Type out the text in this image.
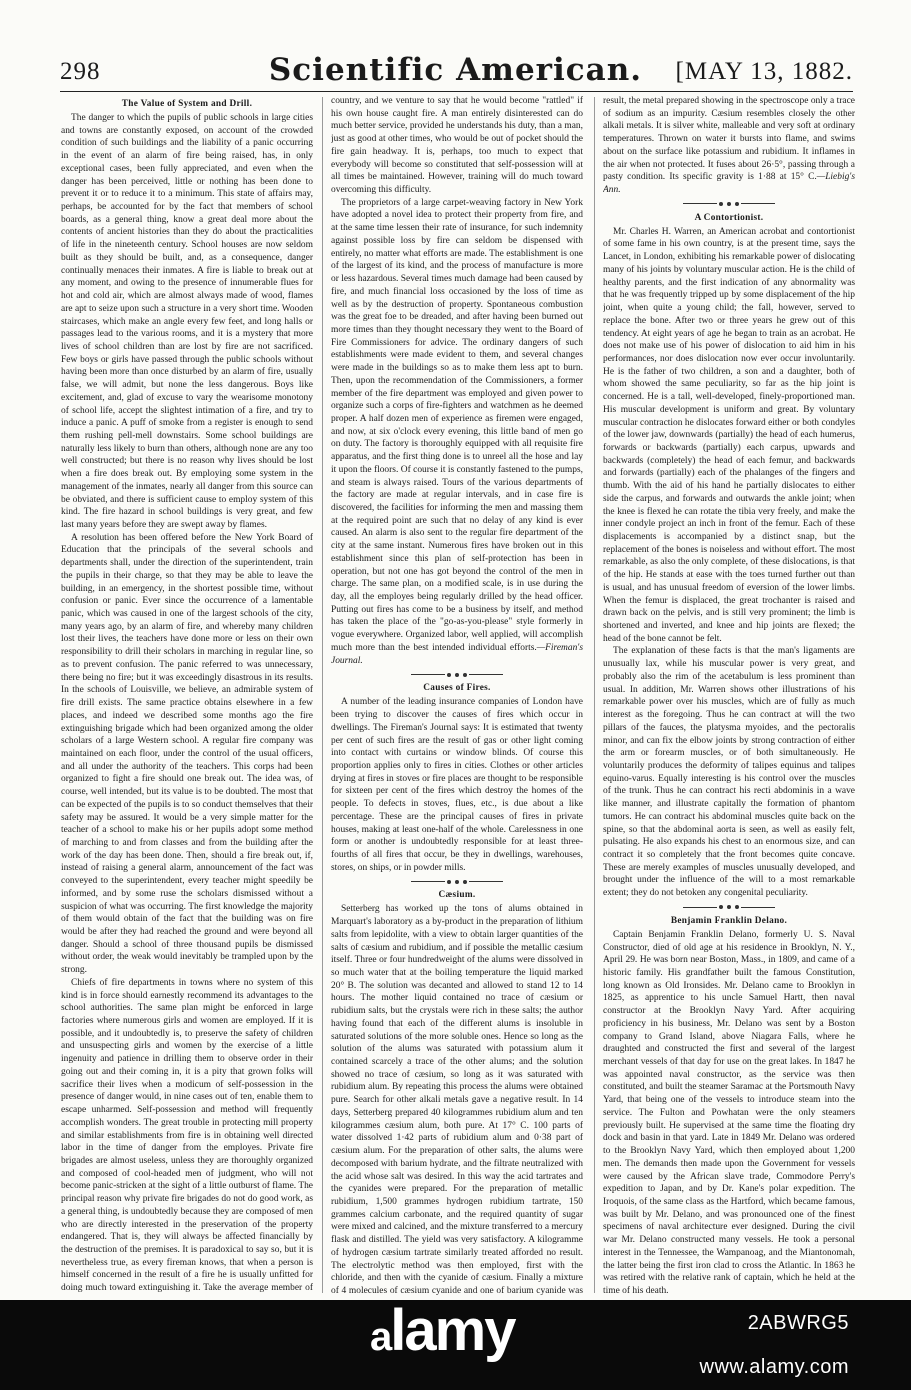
298	Scientific American.	[MAY 13, 1882.
The Value of System and Drill.

The danger to which the pupils of public schools in large cities and towns are constantly exposed, on account of the crowded condition of such buildings and the liability of a panic occurring in the event of an alarm of fire being raised, has, in only exceptional cases, been fully appreciated, and even when the danger has been perceived, little or nothing has been done to prevent it or to reduce it to a minimum. This state of affairs may, perhaps, be accounted for by the fact that members of school boards, as a general thing, know a great deal more about the contents of ancient histories than they do about the practicalities of life in the nineteenth century. School houses are now seldom built as they should be built, and, as a consequence, danger continually menaces their inmates. A fire is liable to break out at any moment, and owing to the presence of innumerable flues for hot and cold air, which are almost always made of wood, flames are apt to seize upon such a structure in a very short time. Wooden staircases, which make an angle every few feet, and long halls or passages lead to the various rooms, and it is a mystery that more lives of school children than are lost by fire are not sacrificed. Few boys or girls have passed through the public schools without having been more than once disturbed by an alarm of fire, usually false, we will admit, but none the less dangerous. Boys like excitement, and, glad of excuse to vary the wearisome monotony of school life, accept the slightest intimation of a fire, and try to induce a panic. A puff of smoke from a register is enough to send them rushing pell-mell downstairs. Some school buildings are naturally less likely to burn than others, although none are any too well constructed; but there is no reason why lives should be lost when a fire does break out. By employing some system in the management of the inmates, nearly all danger from this source can be obviated, and there is sufficient cause to employ system of this kind. The fire hazard in school buildings is very great, and few last many years before they are swept away by flames.

A resolution has been offered before the New York Board of Education that the principals of the several schools and departments shall, under the direction of the superintendent, train the pupils in their charge, so that they may be able to leave the building, in an emergency, in the shortest possible time, without confusion or panic. Ever since the occurrence of a lamentable panic, which was caused in one of the largest schools of the city, many years ago, by an alarm of fire, and whereby many children lost their lives, the teachers have done more or less on their own responsibility to drill their scholars in marching in regular line, so as to prevent confusion. The panic referred to was unnecessary, there being no fire; but it was exceedingly disastrous in its results. In the schools of Louisville, we believe, an admirable system of fire drill exists. The same practice obtains elsewhere in a few places, and indeed we described some months ago the fire extinguishing brigade which had been organized among the older scholars of a large Western school. A regular fire company was maintained on each floor, under the control of the usual officers, and all under the authority of the teachers. This corps had been organized to fight a fire should one break out. The idea was, of course, well intended, but its value is to be doubted. The most that can be expected of the pupils is to so conduct themselves that their safety may be assured. It would be a very simple matter for the teacher of a school to make his or her pupils adopt some method of marching to and from classes and from the building after the work of the day has been done. Then, should a fire break out, if, instead of raising a general alarm, announcement of the fact was conveyed to the superintendent, every teacher might speedily be informed, and by some ruse the scholars dismissed without a suspicion of what was occurring. The first knowledge the majority of them would obtain of the fact that the building was on fire would be after they had reached the ground and were beyond all danger. Should a school of three thousand pupils be dismissed without order, the weak would inevitably be trampled upon by the strong.

Chiefs of fire departments in towns where no system of this kind is in force should earnestly recommend its advantages to the school authorities. The same plan might be enforced in large factories where numerous girls and women are employed. If it is possible, and it undoubtedly is, to preserve the safety of children and unsuspecting girls and women by the exercise of a little ingenuity and patience in drilling them to observe order in their going out and their coming in, it is a pity that grown folks will sacrifice their lives when a modicum of self-possession in the presence of danger would, in nine cases out of ten, enable them to escape unharmed. Self-possession and method will frequently accomplish wonders. The great trouble in protecting mill property and similar establishments from fire is in obtaining well directed labor in the time of danger from the employes. Private fire brigades are almost useless, unless they are thoroughly organized and composed of cool-headed men of judgment, who will not become panic-stricken at the sight of a little outburst of flame. The principal reason why private fire brigades do not do good work, as a general thing, is undoubtedly because they are composed of men who are directly interested in the preservation of the property endangered. That is, they will always be affected financially by the destruction of the premises. It is paradoxical to say so, but it is nevertheless true, as every fireman knows, that when a person is himself concerned in the result of a fire he is usually unfitted for doing much toward extinguishing it. Take the average member of

country, and we venture to say that he would become "rattled" if his own house caught fire. A man entirely disinterested can do much better service, provided he understands his duty, than a man, just as good at other times, who would be out of pocket should the fire gain headway. It is, perhaps, too much to expect that everybody will become so constituted that self-possession will at all times be maintained. However, training will do much toward overcoming this difficulty.

The proprietors of a large carpet-weaving factory in New York have adopted a novel idea to protect their property from fire, and at the same time lessen their rate of insurance, for such indemnity against possible loss by fire can seldom be dispensed with entirely, no matter what efforts are made. The establishment is one of the largest of its kind, and the process of manufacture is more or less hazardous. Several times much damage had been caused by fire, and much financial loss occasioned by the loss of time as well as by the destruction of property. Spontaneous combustion was the great foe to be dreaded, and after having been burned out more times than they thought necessary they went to the Board of Fire Commissioners for advice. The ordinary dangers of such establishments were made evident to them, and several changes were made in the buildings so as to make them less apt to burn. Then, upon the recommendation of the Commissioners, a former member of the fire department was employed and given power to organize such a corps of fire-fighters and watchmen as he deemed proper. A half dozen men of experience as firemen were engaged, and now, at six o'clock every evening, this little band of men go on duty. The factory is thoroughly equipped with all requisite fire apparatus, and the first thing done is to unreel all the hose and lay it upon the floors. Of course it is constantly fastened to the pumps, and steam is always raised. Tours of the various departments of the factory are made at regular intervals, and in case fire is discovered, the facilities for informing the men and massing them at the required point are such that no delay of any kind is ever caused. An alarm is also sent to the regular fire department of the city at the same instant. Numerous fires have broken out in this establishment since this plan of self-protection has been in operation, but not one has got beyond the control of the men in charge. The same plan, on a modified scale, is in use during the day, all the employes being regularly drilled by the head officer. Putting out fires has come to be a business by itself, and method has taken the place of the "go-as-you-please" style formerly in vogue everywhere. Organized labor, well applied, will accomplish much more than the best intended individual efforts.—Fireman's Journal.

Causes of Fires.

A number of the leading insurance companies of London have been trying to discover the causes of fires which occur in dwellings. The Fireman's Journal says: It is estimated that twenty per cent of such fires are the result of gas or other light coming into contact with curtains or window blinds. Of course this proportion applies only to fires in cities. Clothes or other articles drying at fires in stoves or fire places are thought to be responsible for sixteen per cent of the fires which destroy the homes of the people. To defects in stoves, flues, etc., is due about a like percentage. These are the principal causes of fires in private houses, making at least one-half of the whole. Carelessness in one form or another is undoubtedly responsible for at least three-fourths of all fires that occur, be they in dwellings, warehouses, stores, on ships, or in powder mills.

Cæsium.

Setterberg has worked up the tons of alums obtained in Marquart's laboratory as a by-product in the preparation of lithium salts from lepidolite, with a view to obtain larger quantities of the salts of cæsium and rubidium, and if possible the metallic cæsium itself. Three or four hundredweight of the alums were dissolved in so much water that at the boiling temperature the liquid marked 20° B. The solution was decanted and allowed to stand 12 to 14 hours. The mother liquid contained no trace of cæsium or rubidium salts, but the crystals were rich in these salts; the author having found that each of the different alums is insoluble in saturated solutions of the more soluble ones. Hence so long as the solution of the alums was saturated with potassium alum it contained scarcely a trace of the other alums; and the solution showed no trace of cæsium, so long as it was saturated with rubidium alum. By repeating this process the alums were obtained pure. Search for other alkali metals gave a negative result. In 14 days, Setterberg prepared 40 kilogrammes rubidium alum and ten kilogrammes cæsium alum, both pure. At 17° C. 100 parts of water dissolved 1·42 parts of rubidium alum and 0·38 part of cæsium alum. For the preparation of other salts, the alums were decomposed with barium hydrate, and the filtrate neutralized with the acid whose salt was desired. In this way the acid tartrates and the cyanides were prepared. For the preparation of metallic rubidium, 1,500 grammes hydrogen rubidium tartrate, 150 grammes calcium carbonate, and the required quantity of sugar were mixed and calcined, and the mixture transferred to a mercury flask and distilled. The yield was very satisfactory. A kilogramme of hydrogen cæsium tartrate similarly treated afforded no result. The electrolytic method was then employed, first with the chloride, and then with the cyanide of cæsium. Finally a mixture of 4 molecules of cæsium cyanide and one of barium cyanide was

result, the metal prepared showing in the spectroscope only a trace of sodium as an impurity. Cæsium resembles closely the other alkali metals. It is silver white, malleable and very soft at ordinary temperatures. Thrown on water it bursts into flame, and swims about on the surface like potassium and rubidium. It inflames in the air when not protected. It fuses about 26·5°, passing through a pasty condition. Its specific gravity is 1·88 at 15° C.—Liebig's Ann.

A Contortionist.

Mr. Charles H. Warren, an American acrobat and contortionist of some fame in his own country, is at the present time, says the Lancet, in London, exhibiting his remarkable power of dislocating many of his joints by voluntary muscular action. He is the child of healthy parents, and the first indication of any abnormality was that he was frequently tripped up by some displacement of the hip joint, when quite a young child; the fall, however, served to replace the bone. After two or three years he grew out of this tendency. At eight years of age he began to train as an acrobat. He does not make use of his power of dislocation to aid him in his performances, nor does dislocation now ever occur involuntarily. He is the father of two children, a son and a daughter, both of whom showed the same peculiarity, so far as the hip joint is concerned. He is a tall, well-developed, finely-proportioned man. His muscular development is uniform and great. By voluntary muscular contraction he dislocates forward either or both condyles of the lower jaw, downwards (partially) the head of each humerus, forwards or backwards (partially) each carpus, upwards and backwards (completely) the head of each femur, and backwards and forwards (partially) each of the phalanges of the fingers and thumb. With the aid of his hand he partially dislocates to either side the carpus, and forwards and outwards the ankle joint; when the knee is flexed he can rotate the tibia very freely, and make the inner condyle project an inch in front of the femur. Each of these displacements is accompanied by a distinct snap, but the replacement of the bones is noiseless and without effort. The most remarkable, as also the only complete, of these dislocations, is that of the hip. He stands at ease with the toes turned further out than is usual, and has unusual freedom of eversion of the lower limbs. When the femur is displaced, the great trochanter is raised and drawn back on the pelvis, and is still very prominent; the limb is shortened and inverted, and knee and hip joints are flexed; the head of the bone cannot be felt.

The explanation of these facts is that the man's ligaments are unusually lax, while his muscular power is very great, and probably also the rim of the acetabulum is less prominent than usual. In addition, Mr. Warren shows other illustrations of his remarkable power over his muscles, which are of fully as much interest as the foregoing. Thus he can contract at will the two pillars of the fauces, the platysma myoides, and the pectoralis minor, and can fix the elbow joints by strong contraction of either the arm or forearm muscles, or of both simultaneously. He voluntarily produces the deformity of talipes equinus and talipes equino-varus. Equally interesting is his control over the muscles of the trunk. Thus he can contract his recti abdominis in a wave like manner, and illustrate capitally the formation of phantom tumors. He can contract his abdominal muscles quite back on the spine, so that the abdominal aorta is seen, as well as easily felt, pulsating. He also expands his chest to an enormous size, and can contract it so completely that the front becomes quite concave. These are merely examples of muscles unusually developed, and brought under the influence of the will to a most remarkable extent; they do not betoken any congenital peculiarity.

Benjamin Franklin Delano.

Captain Benjamin Franklin Delano, formerly U. S. Naval Constructor, died of old age at his residence in Brooklyn, N. Y., April 29. He was born near Boston, Mass., in 1809, and came of a historic family. His grandfather built the famous Constitution, long known as Old Ironsides. Mr. Delano came to Brooklyn in 1825, as apprentice to his uncle Samuel Hartt, then naval constructor at the Brooklyn Navy Yard. After acquiring proficiency in his business, Mr. Delano was sent by a Boston company to Grand Island, above Niagara Falls, where he draughted and constructed the first and several of the largest merchant vessels of that day for use on the great lakes. In 1847 he was appointed naval constructor, as the service was then constituted, and built the steamer Saramac at the Portsmouth Navy Yard, that being one of the vessels to introduce steam into the service. The Fulton and Powhatan were the only steamers previously built. He supervised at the same time the floating dry dock and basin in that yard. Late in 1849 Mr. Delano was ordered to the Brooklyn Navy Yard, which then employed about 1,200 men. The demands then made upon the Government for vessels were caused by the African slave trade, Commodore Perry's expedition to Japan, and by Dr. Kane's polar expedition. The Iroquois, of the same class as the Hartford, which became famous, was built by Mr. Delano, and was pronounced one of the finest specimens of naval architecture ever designed. During the civil war Mr. Delano constructed many vessels. He took a personal interest in the Tennessee, the Wampanoag, and the Miantonomah, the latter being the first iron clad to cross the Atlantic. In 1863 he was retired with the relative rank of captain, which he held at the time of his death.

alamy	2ABWRG5
www.alamy.com
